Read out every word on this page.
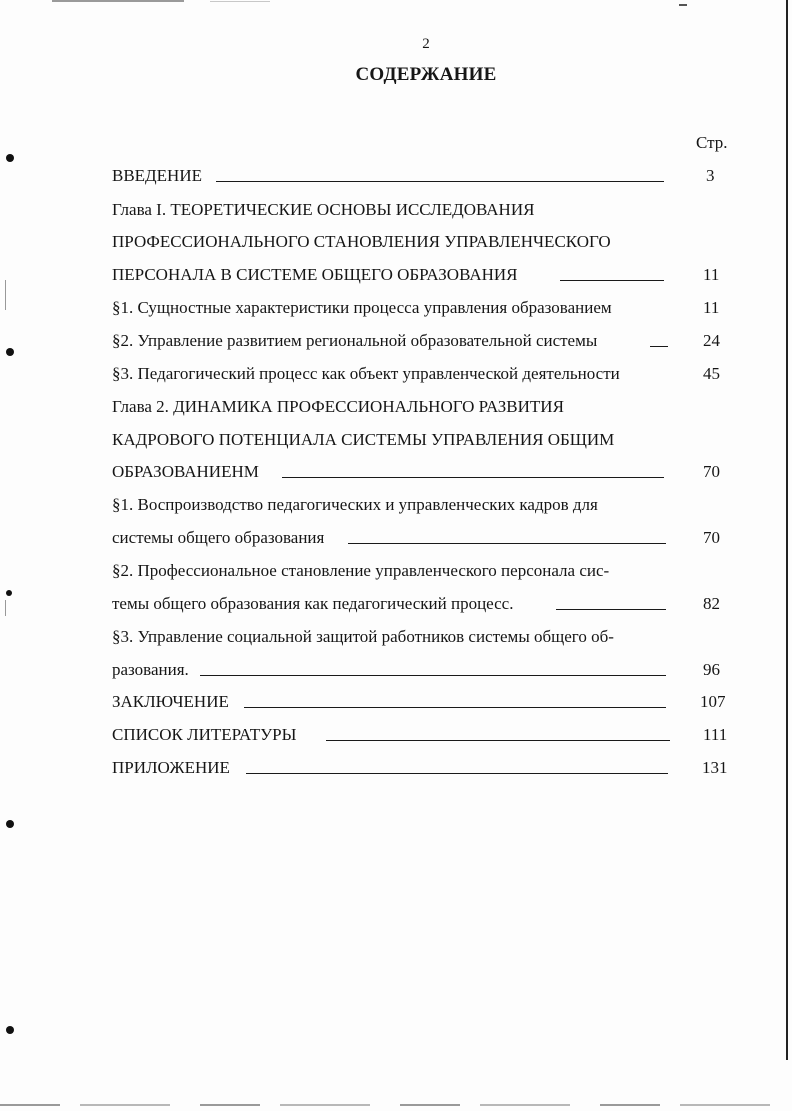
2
СОДЕРЖАНИЕ
Стр.
ВВЕДЕНИЕ	3
Глава I. ТЕОРЕТИЧЕСКИЕ ОСНОВЫ ИССЛЕДОВАНИЯ
ПРОФЕССИОНАЛЬНОГО СТАНОВЛЕНИЯ УПРАВЛЕНЧЕСКОГО
ПЕРСОНАЛА В СИСТЕМЕ ОБЩЕГО ОБРАЗОВАНИЯ	11
§1. Сущностные характеристики процесса управления образованием	11
§2. Управление развитием региональной образовательной системы	24
§3. Педагогический процесс как объект управленческой деятельности	45
Глава 2. ДИНАМИКА ПРОФЕССИОНАЛЬНОГО РАЗВИТИЯ
КАДРОВОГО ПОТЕНЦИАЛА СИСТЕМЫ УПРАВЛЕНИЯ ОБЩИМ
ОБРАЗОВАНИЕНМ	70
§1. Воспроизводство педагогических и управленческих кадров для
системы общего образования	70
§2. Профессиональное становление управленческого персонала сис-
темы общего образования как педагогический процесс.	82
§3. Управление социальной защитой работников системы общего об-
разования.	96
ЗАКЛЮЧЕНИЕ	107
СПИСОК ЛИТЕРАТУРЫ	111
ПРИЛОЖЕНИЕ	131
